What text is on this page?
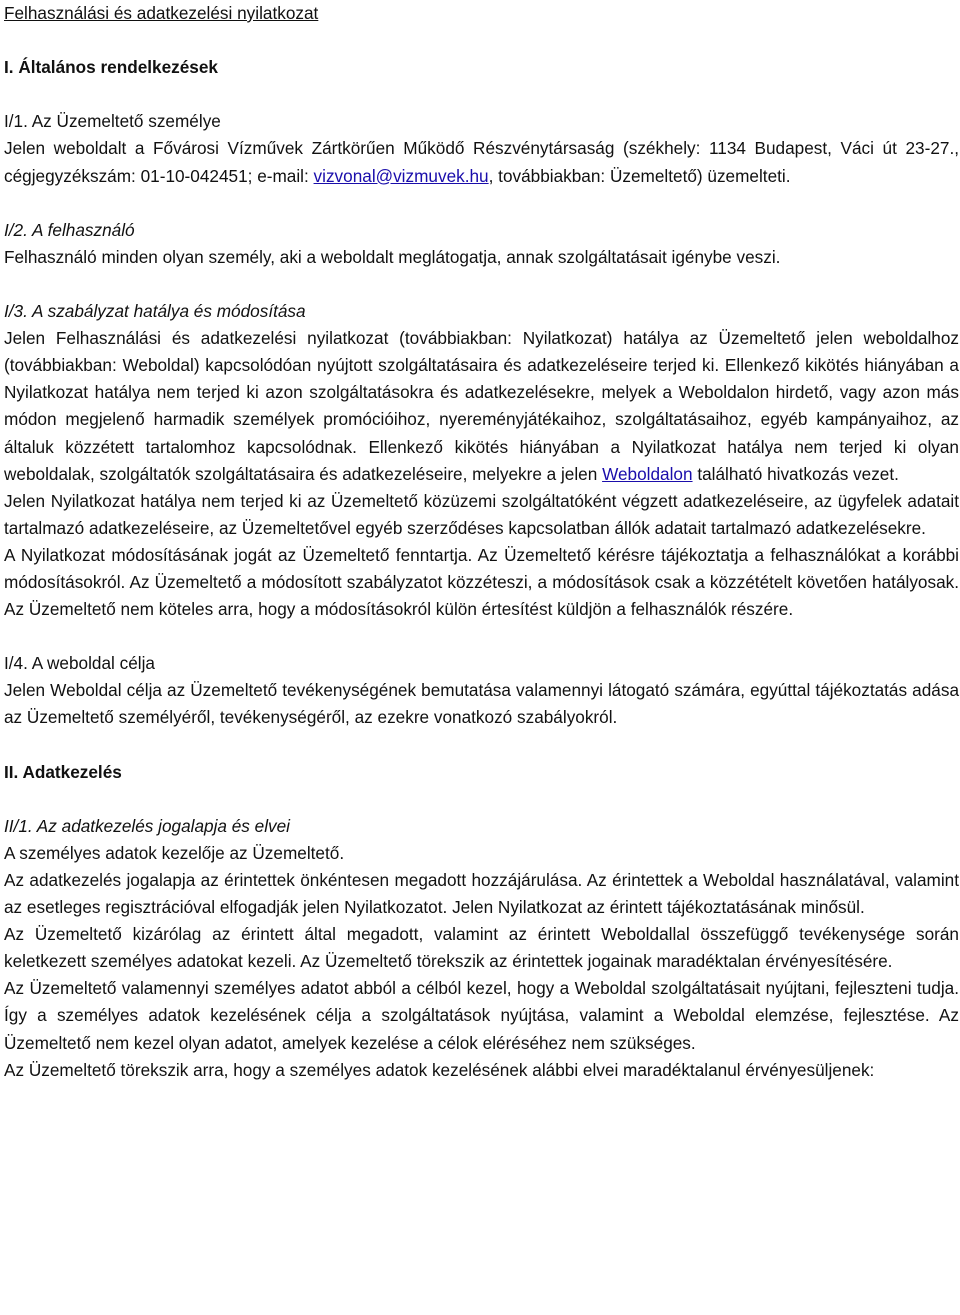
Felhasználási és adatkezelési nyilatkozat
I. Általános rendelkezések
I/1. Az Üzemeltető személye

Jelen weboldalt a Fővárosi Vízművek Zártkörűen Működő Részvénytársaság (székhely: 1134 Budapest, Váci út 23-27., cégjegyzékszám: 01-10-042451; e-mail: vizvonal@vizmuvek.hu, továbbiakban: Üzemeltető) üzemelteti.

I/2. A felhasználó

Felhasználó minden olyan személy, aki a weboldalt meglátogatja, annak szolgáltatásait igénybe veszi.

I/3. A szabályzat hatálya és módosítása

Jelen Felhasználási és adatkezelési nyilatkozat (továbbiakban: Nyilatkozat) hatálya az Üzemeltető jelen weboldalhoz (továbbiakban: Weboldal) kapcsolódóan nyújtott szolgáltatásaira és adatkezeléseire terjed ki. Ellenkező kikötés hiányában a Nyilatkozat hatálya nem terjed ki azon szolgáltatásokra és adatkezelésekre, melyek a Weboldalon hirdető, vagy azon más módon megjelenő harmadik személyek promócióihoz, nyereményjátékaihoz, szolgáltatásaihoz, egyéb kampányaihoz, az általuk közzétett tartalomhoz kapcsolódnak. Ellenkező kikötés hiányában a Nyilatkozat hatálya nem terjed ki olyan weboldalak, szolgáltatók szolgáltatásaira és adatkezeléseire, melyekre a jelen Weboldalon található hivatkozás vezet.

Jelen Nyilatkozat hatálya nem terjed ki az Üzemeltető közüzemi szolgáltatóként végzett adatkezeléseire, az ügyfelek adatait tartalmazó adatkezeléseire, az Üzemeltetővel egyéb szerződéses kapcsolatban állók adatait tartalmazó adatkezelésekre.

A Nyilatkozat módosításának jogát az Üzemeltető fenntartja. Az Üzemeltető kérésre tájékoztatja a felhasználókat a korábbi módosításokról. Az Üzemeltető a módosított szabályzatot közzéteszi, a módosítások csak a közzétételt követően hatályosak. Az Üzemeltető nem köteles arra, hogy a módosításokról külön értesítést küldjön a felhasználók részére.

I/4. A weboldal célja

Jelen Weboldal célja az Üzemeltető tevékenységének bemutatása valamennyi látogató számára, egyúttal tájékoztatás adása az Üzemeltető személyéről, tevékenységéről, az ezekre vonatkozó szabályokról.

II. Adatkezelés
II/1. Az adatkezelés jogalapja és elvei

A személyes adatok kezelője az Üzemeltető.

Az adatkezelés jogalapja az érintettek önkéntesen megadott hozzájárulása. Az érintettek a Weboldal használatával, valamint az esetleges regisztrációval elfogadják jelen Nyilatkozatot. Jelen Nyilatkozat az érintett tájékoztatásának minősül.

Az Üzemeltető kizárólag az érintett által megadott, valamint az érintett Weboldallal összefüggő tevékenysége során keletkezett személyes adatokat kezeli. Az Üzemeltető törekszik az érintettek jogainak maradéktalan érvényesítésére.

Az Üzemeltető valamennyi személyes adatot abból a célból kezel, hogy a Weboldal szolgáltatásait nyújtani, fejleszteni tudja. Így a személyes adatok kezelésének célja a szolgáltatások nyújtása, valamint a Weboldal elemzése, fejlesztése. Az Üzemeltető nem kezel olyan adatot, amelyek kezelése a célok eléréséhez nem szükséges.

Az Üzemeltető törekszik arra, hogy a személyes adatok kezelésének alábbi elvei maradéktalanul érvényesüljenek:
